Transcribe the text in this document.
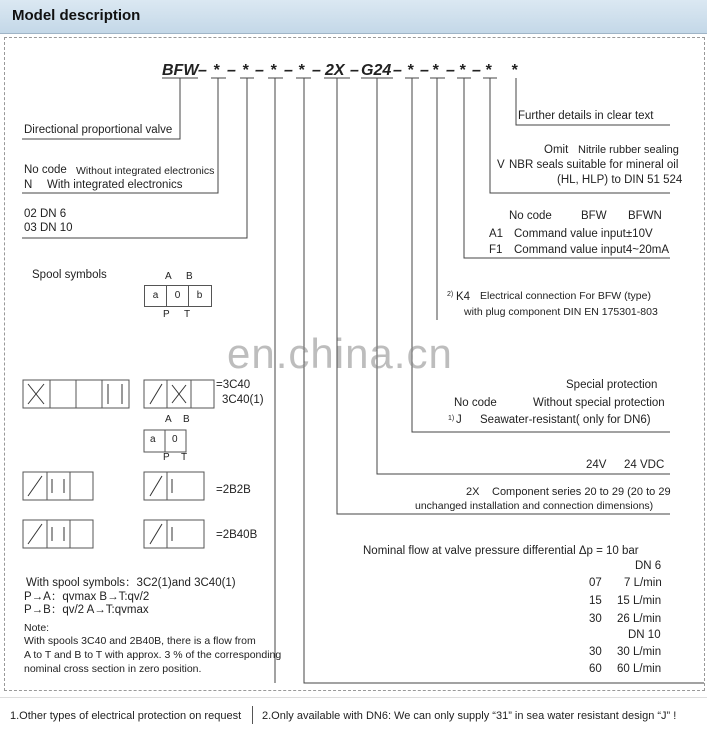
Model description
BFW – * – * – * – * – 2X – G24 – * – * – * – * *
Directional proportional valve
No code Without integrated electronics
N With integrated electronics
02 DN 6
03 DN 10
Spool symbols	A B
a	0	b
P T
=3C40
3C40(1)
A B
a 0
P T
=2B2B
=2B40B
With spool symbols：3C2(1)and 3C40(1)
P→A：qvmax B→T:qv/2
P→B：qv/2 A→T:qvmax
Note:
With spools 3C40 and 2B40B, there is a flow from
A to T and B to T with approx. 3 % of the corresponding
nominal cross section in zero position.
Further details in clear text
Omit Nitrile rubber sealing
V NBR seals suitable for mineral oil
(HL, HLP) to DIN 51 524
No code	BFW BFWN
A1 Command value input±10V
F1 Command value input4~20mA
2) K4 Electrical connection For BFW (type)
with plug component DIN EN 175301-803
Special protection
No code	Without special protection
1) J Seawater-resistant( only for DN6)
24V 24 VDC
2X Component series 20 to 29 (20 to 29
unchanged installation and connection dimensions)
Nominal flow at valve pressure differential Δp = 10 bar
DN 6
07 7 L/min
15 15 L/min
30 26 L/min
DN 10
30 30 L/min
60 60 L/min
en.china.cn
1.Other types of electrical protection on request 2.Only available with DN6: We can only supply “31” in sea water resistant design “J” !
